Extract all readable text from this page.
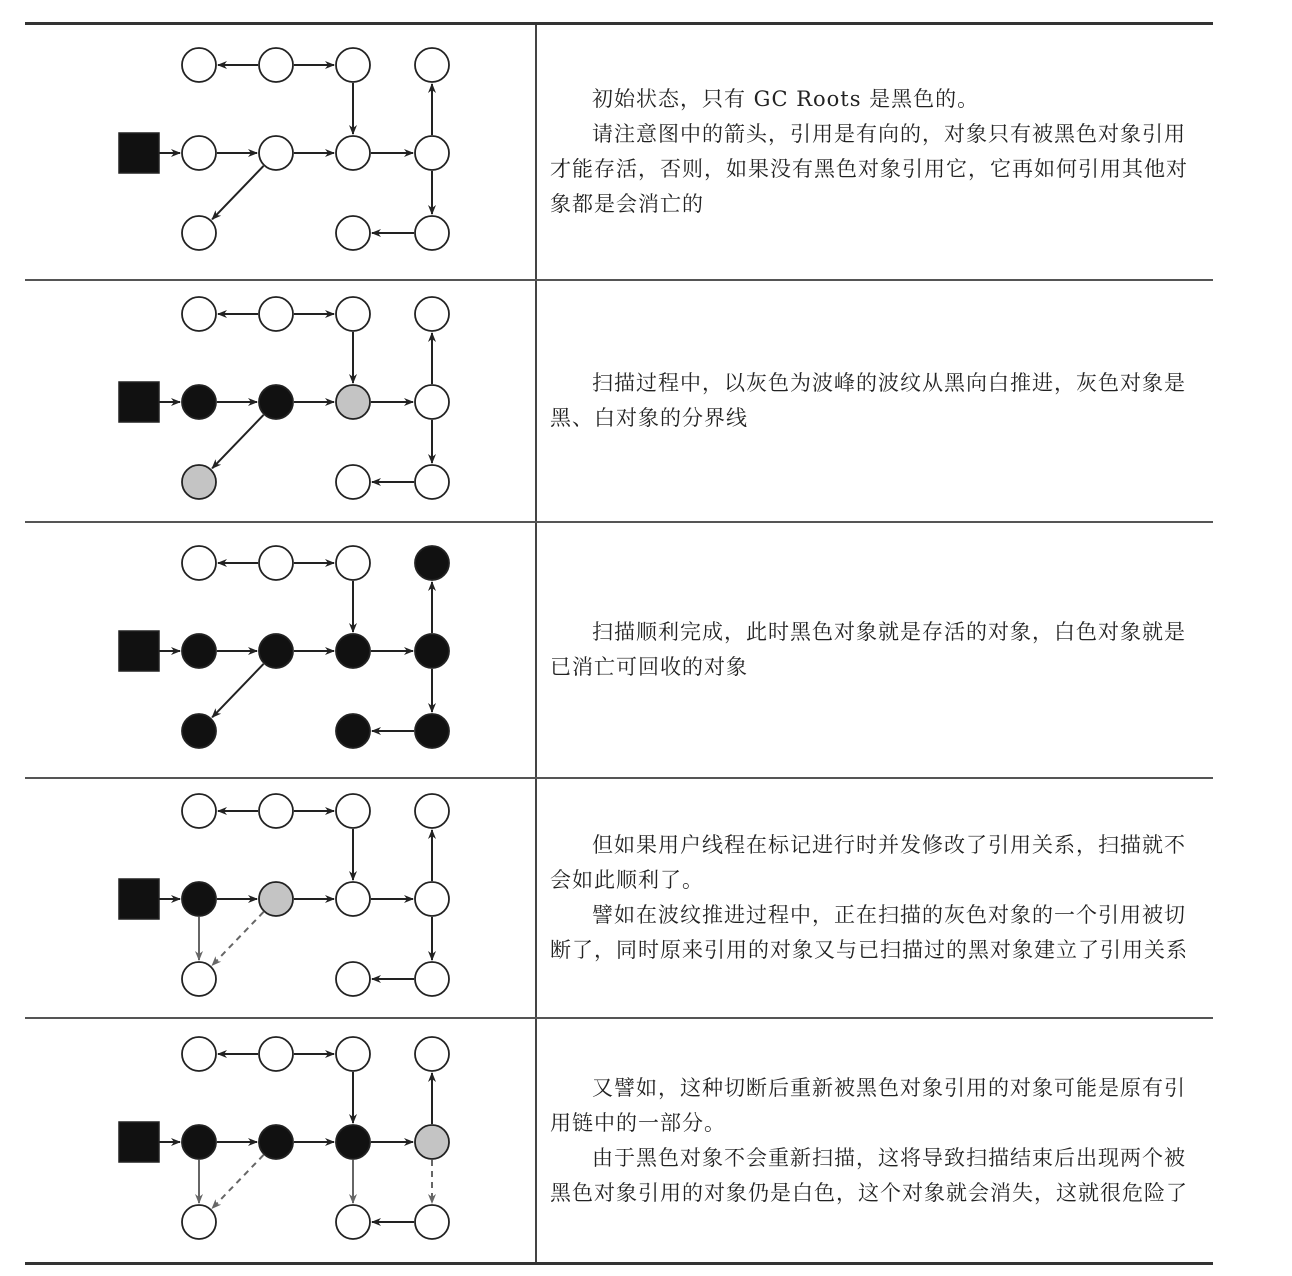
初始状态，只有 GC Roots 是黑色的。

请注意图中的箭头，引用是有向的，对象只有被黑色对象引用才能存活，否则，如果没有黑色对象引用它，它再如何引用其他对象都是会消亡的

扫描过程中，以灰色为波峰的波纹从黑向白推进，灰色对象是黑、白对象的分界线

扫描顺利完成，此时黑色对象就是存活的对象，白色对象就是已消亡可回收的对象

但如果用户线程在标记进行时并发修改了引用关系，扫描就不会如此顺利了。

譬如在波纹推进过程中，正在扫描的灰色对象的一个引用被切断了，同时原来引用的对象又与已扫描过的黑对象建立了引用关系

又譬如，这种切断后重新被黑色对象引用的对象可能是原有引用链中的一部分。

由于黑色对象不会重新扫描，这将导致扫描结束后出现两个被黑色对象引用的对象仍是白色，这个对象就会消失，这就很危险了
